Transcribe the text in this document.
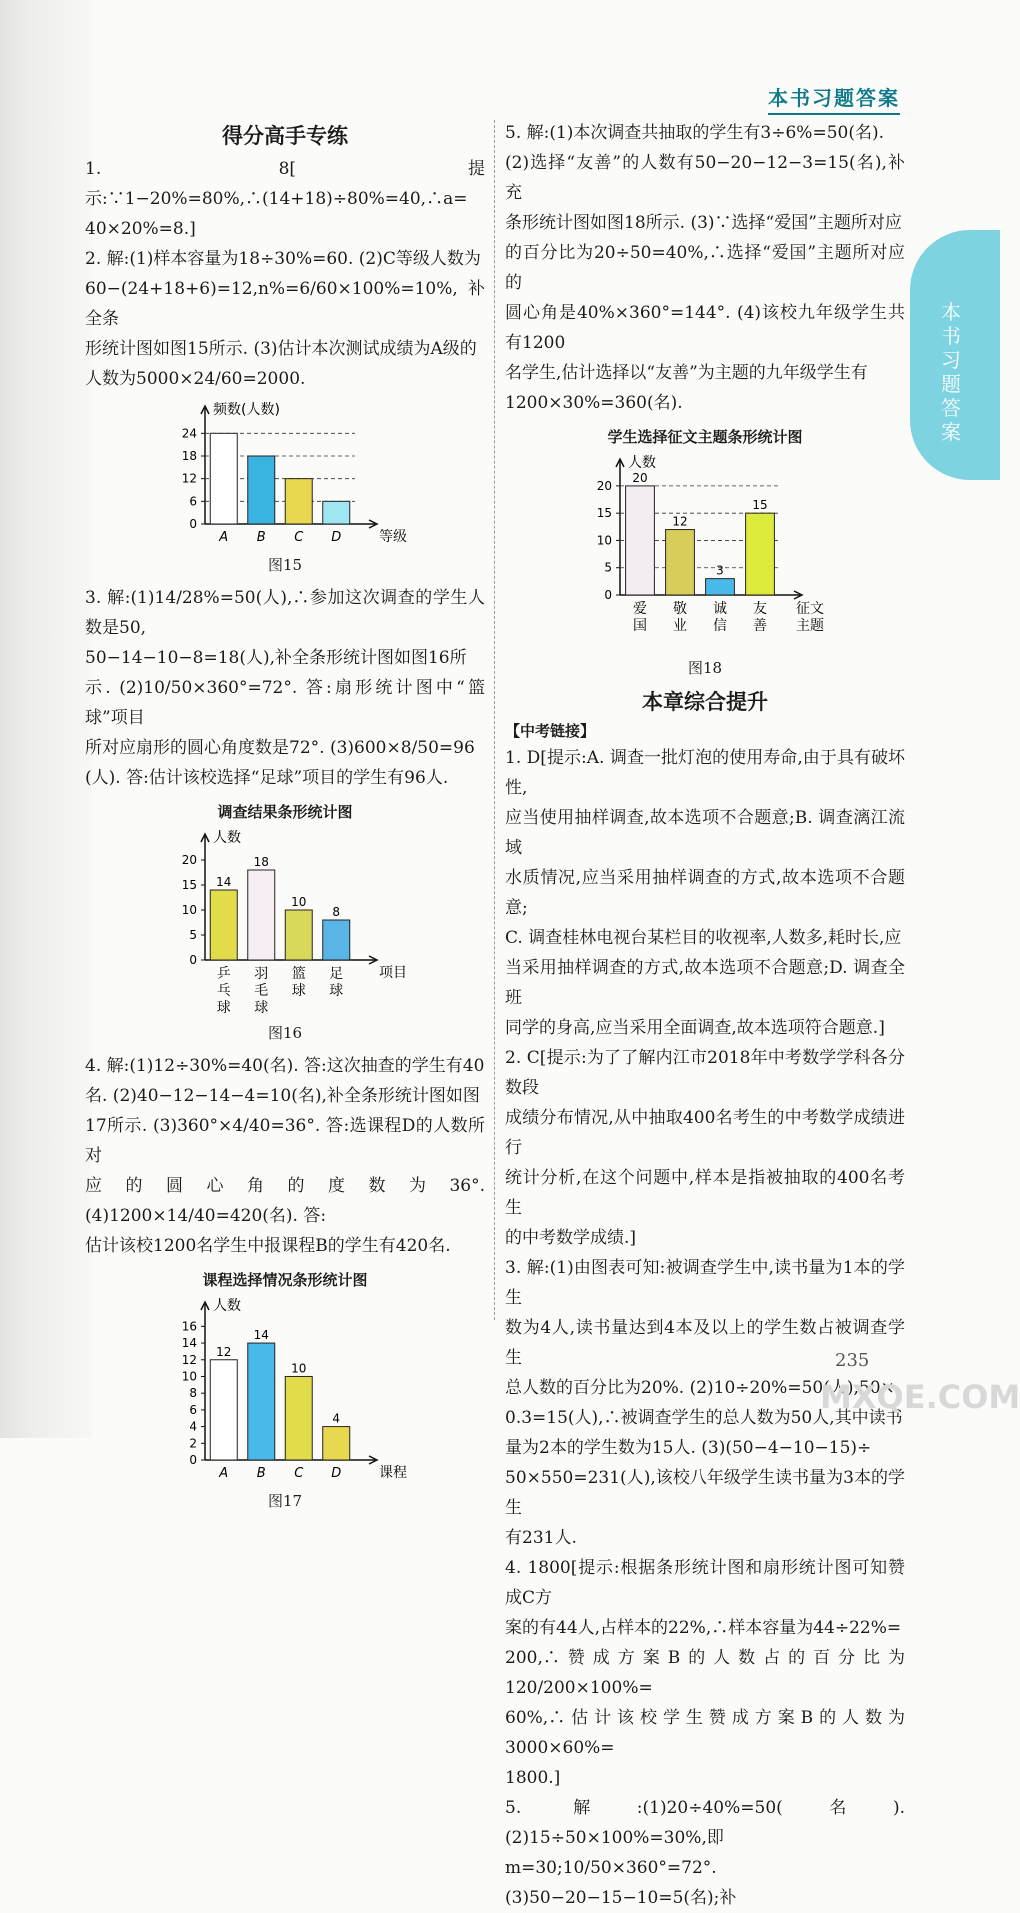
本书习题答案
本书习题答案
得分高手专练

1. 8[提示:∵1−20%=80%,∴(14+18)÷80%=40,∴a=

40×20%=8.]

2. 解:(1)样本容量为18÷30%=60. (2)C等级人数为

60−(24+18+6)=12,n%=6/60×100%=10%,补全条

形统计图如图15所示. (3)估计本次测试成绩为A级的

人数为5000×24/60=2000.

频数(人数)
0
6
12
18
24
A B C D	等级

图15

3. 解:(1)14/28%=50(人),∴参加这次调查的学生人数是50,

50−14−10−8=18(人),补全条形统计图如图16所

示. (2)10/50×360°=72°. 答:扇形统计图中“篮球”项目

所对应扇形的圆心角度数是72°. (3)600×8/50=96

(人). 答:估计该校选择“足球”项目的学生有96人.

调查结果条形统计图

人数
0
5
10
15
20
14
乒
乓
球
18
羽
毛
球
10
篮
球
8
足
球
项目

图16

4. 解:(1)12÷30%=40(名). 答:这次抽查的学生有40

名. (2)40−12−14−4=10(名),补全条形统计图如图

17所示. (3)360°×4/40=36°. 答:选课程D的人数所对

应的圆心角的度数为36°. (4)1200×14/40=420(名). 答:

估计该校1200名学生中报课程B的学生有420名.

课程选择情况条形统计图

人数
0
2
4
6
8
10
12
14
16
12
A
14
B
10
C
4
D	课程

图17

5. 解:(1)本次调查共抽取的学生有3÷6%=50(名).

(2)选择“友善”的人数有50−20−12−3=15(名),补充

条形统计图如图18所示. (3)∵选择“爱国”主题所对应

的百分比为20÷50=40%,∴选择“爱国”主题所对应的

圆心角是40%×360°=144°. (4)该校九年级学生共有1200

名学生,估计选择以“友善”为主题的九年级学生有

1200×30%=360(名).

学生选择征文主题条形统计图

人数
0
5
10
15
20
20
爱
国
12
敬
业
3
诚
信
15
友
善
征文
主题

图18

本章综合提升
【中考链接】

1. D[提示:A. 调查一批灯泡的使用寿命,由于具有破坏性,

应当使用抽样调查,故本选项不合题意;B. 调查漓江流域

水质情况,应当采用抽样调查的方式,故本选项不合题意;

C. 调查桂林电视台某栏目的收视率,人数多,耗时长,应

当采用抽样调查的方式,故本选项不合题意;D. 调查全班

同学的身高,应当采用全面调查,故本选项符合题意.]

2. C[提示:为了了解内江市2018年中考数学学科各分数段

成绩分布情况,从中抽取400名考生的中考数学成绩进行

统计分析,在这个问题中,样本是指被抽取的400名考生

的中考数学成绩.]

3. 解:(1)由图表可知:被调查学生中,读书量为1本的学生

数为4人,读书量达到4本及以上的学生数占被调查学生

总人数的百分比为20%. (2)10÷20%=50(人),50×

0.3=15(人),∴被调查学生的总人数为50人,其中读书

量为2本的学生数为15人. (3)(50−4−10−15)÷

50×550=231(人),该校八年级学生读书量为3本的学生

有231人.

4. 1800[提示:根据条形统计图和扇形统计图可知赞成C方

案的有44人,占样本的22%,∴样本容量为44÷22%=

200,∴赞成方案B的人数占的百分比为120/200×100%=

60%,∴估计该校学生赞成方案B的人数为3000×60%=

1800.]

5. 解:(1)20÷40%=50(名). (2)15÷50×100%=30%,即

m=30;10/50×360°=72°. (3)50−20−15−10=5(名);补

235
MXQE.COM
